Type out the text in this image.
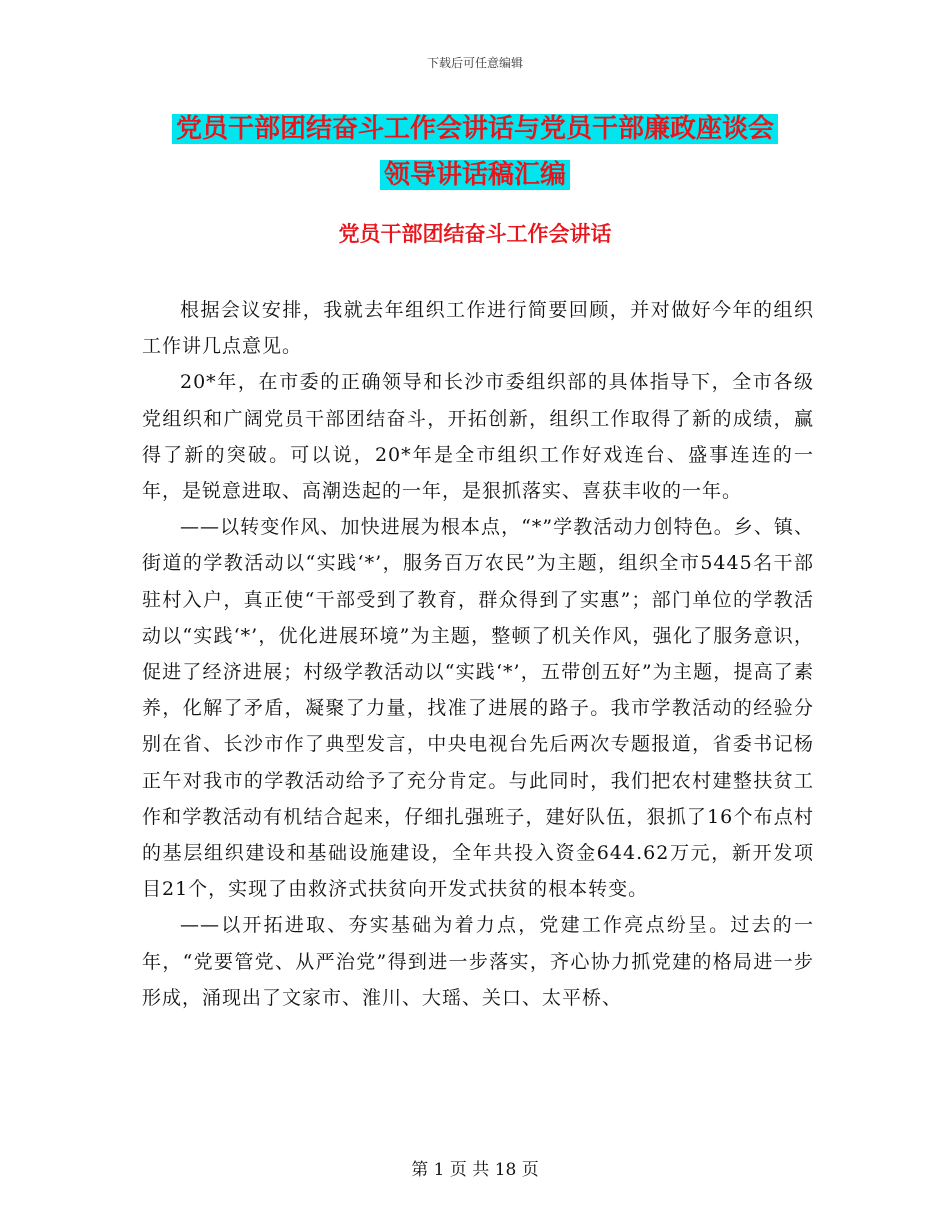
下载后可任意编辑
党员干部团结奋斗工作会讲话与党员干部廉政座谈会
领导讲话稿汇编
党员干部团结奋斗工作会讲话

根据会议安排，我就去年组织工作进行简要回顾，并对做好今年的组织工作讲几点意见。

20*年，在市委的正确领导和长沙市委组织部的具体指导下，全市各级党组织和广阔党员干部团结奋斗，开拓创新，组织工作取得了新的成绩，赢得了新的突破。可以说，20*年是全市组织工作好戏连台、盛事连连的一年，是锐意进取、高潮迭起的一年，是狠抓落实、喜获丰收的一年。

——以转变作风、加快进展为根本点，“*”学教活动力创特色。乡、镇、街道的学教活动以“实践‘*’，服务百万农民”为主题，组织全市5445名干部驻村入户，真正使“干部受到了教育，群众得到了实惠”；部门单位的学教活动以“实践‘*’，优化进展环境”为主题，整顿了机关作风，强化了服务意识，促进了经济进展；村级学教活动以“实践‘*’，五带创五好”为主题，提高了素养，化解了矛盾，凝聚了力量，找准了进展的路子。我市学教活动的经验分别在省、长沙市作了典型发言，中央电视台先后两次专题报道，省委书记杨正午对我市的学教活动给予了充分肯定。与此同时，我们把农村建整扶贫工作和学教活动有机结合起来，仔细扎强班子，建好队伍，狠抓了16个布点村的基层组织建设和基础设施建设，全年共投入资金644.62万元，新开发项目21个，实现了由救济式扶贫向开发式扶贫的根本转变。

——以开拓进取、夯实基础为着力点，党建工作亮点纷呈。过去的一年，“党要管党、从严治党”得到进一步落实，齐心协力抓党建的格局进一步形成，涌现出了文家市、淮川、大瑶、关口、太平桥、

第 1 页 共 18 页
